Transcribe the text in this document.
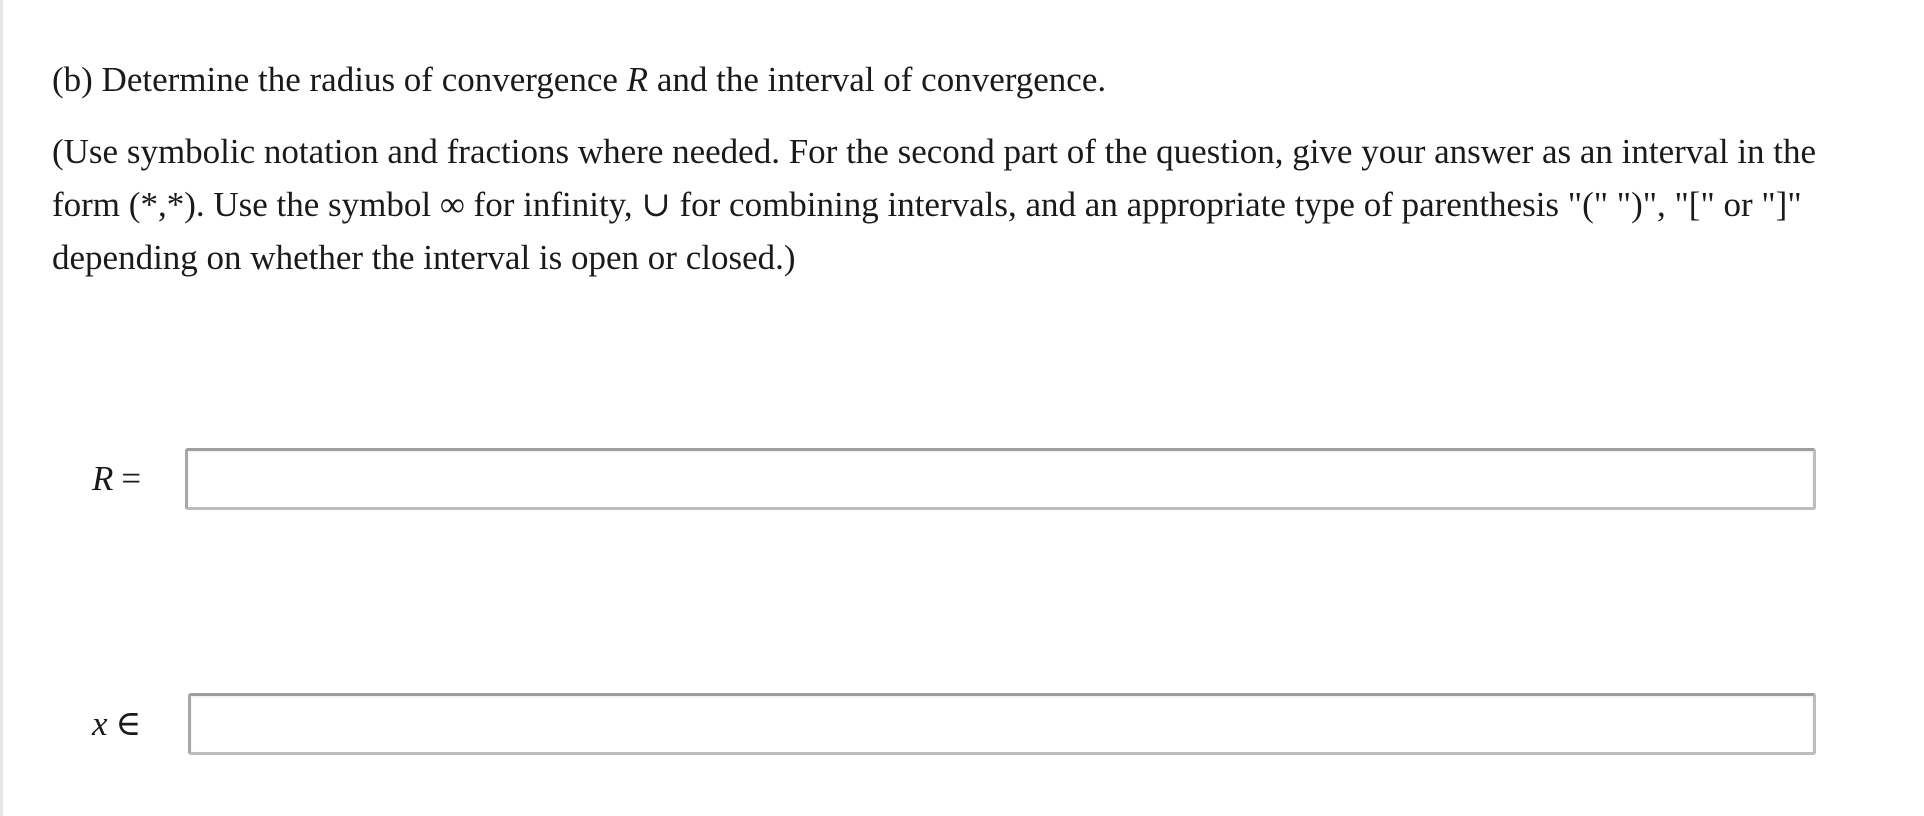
(b) Determine the radius of convergence R and the interval of convergence.

(Use symbolic notation and fractions where needed. For the second part of the question, give your answer as an interval in the form (*,*). Use the symbol ∞ for infinity, ∪ for combining intervals, and an appropriate type of parenthesis "(" ")", "[" or "]" depending on whether the interval is open or closed.)

R =
x ∈
